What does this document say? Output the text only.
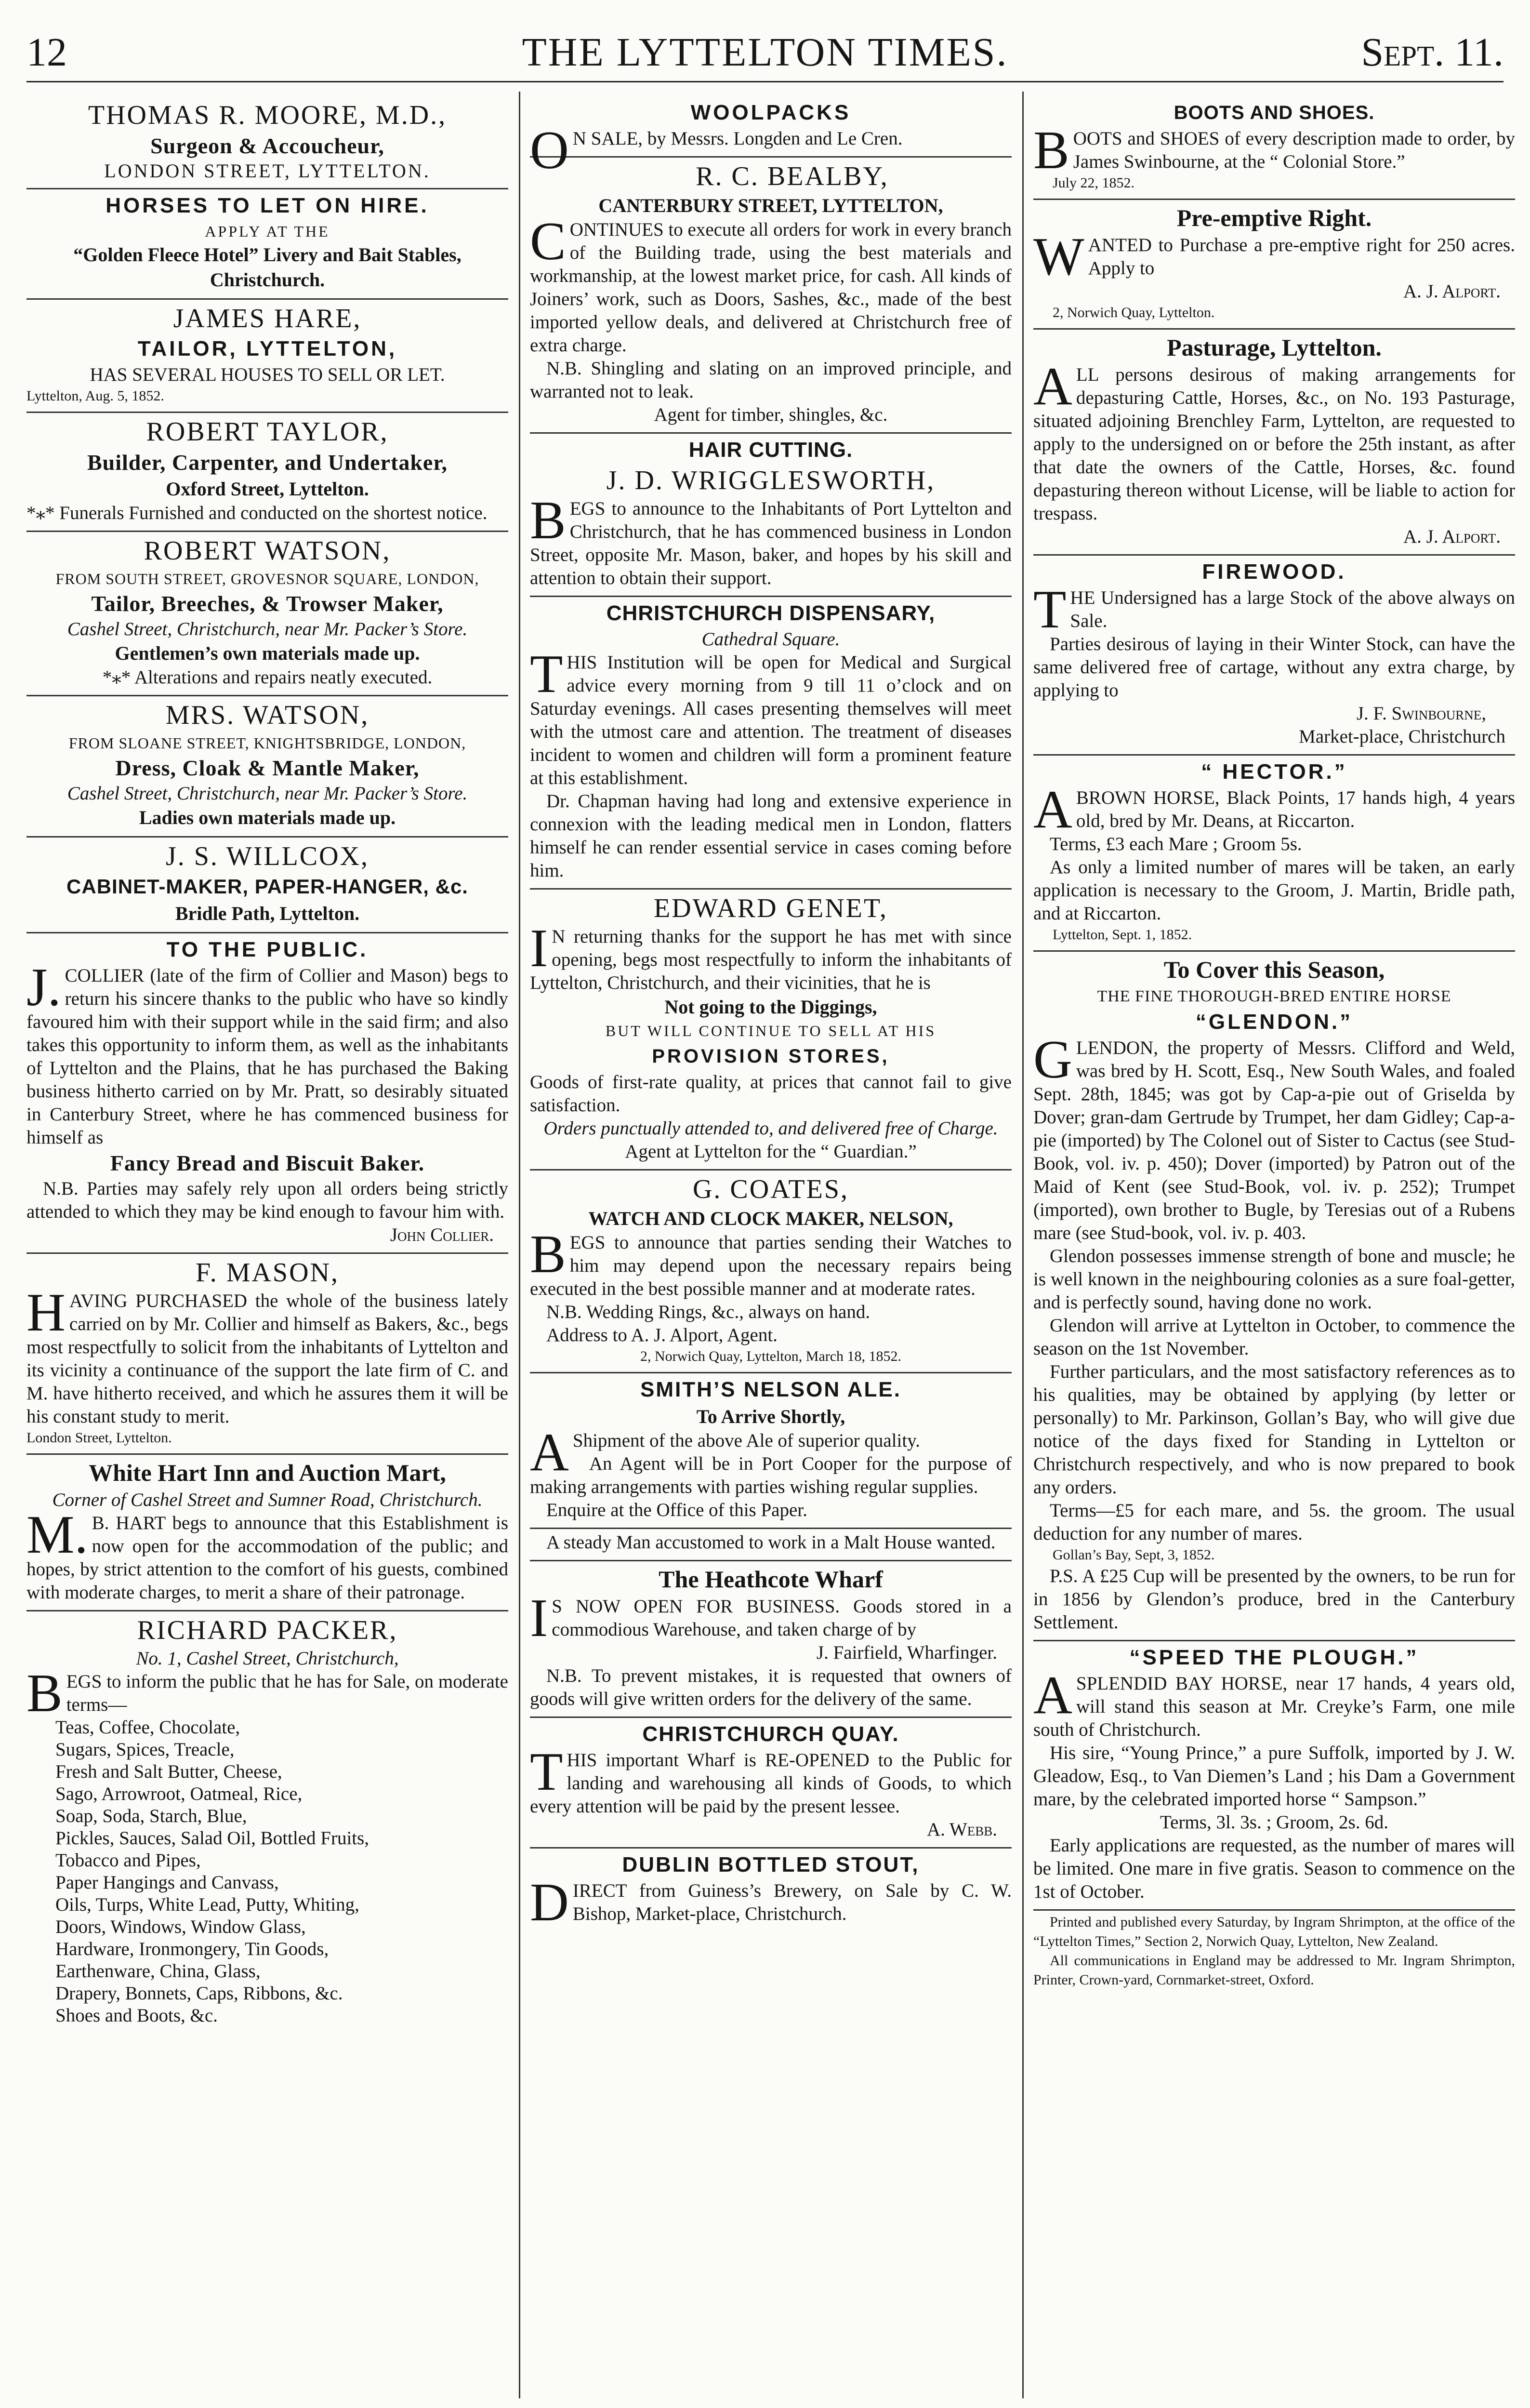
12	THE LYTTELTON TIMES.	Sept. 11.
THOMAS R. MOORE, M.D.,
Surgeon & Accoucheur,
LONDON STREET, LYTTELTON.
HORSES TO LET ON HIRE.
APPLY AT THE
“Golden Fleece Hotel” Livery and Bait Stables,
Christchurch.
JAMES HARE,
TAILOR, LYTTELTON,
HAS SEVERAL HOUSES TO SELL OR LET.
Lyttelton, Aug. 5, 1852.
ROBERT TAYLOR,
Builder, Carpenter, and Undertaker,
Oxford Street, Lyttelton.

*⁎* Funerals Furnished and conducted on the shortest notice.

ROBERT WATSON,
FROM SOUTH STREET, GROVESNOR SQUARE, LONDON,
Tailor, Breeches, & Trowser Maker,
Cashel Street, Christchurch, near Mr. Packer’s Store.
Gentlemen’s own materials made up.
*⁎* Alterations and repairs neatly executed.
MRS. WATSON,
FROM SLOANE STREET, KNIGHTSBRIDGE, LONDON,
Dress, Cloak & Mantle Maker,
Cashel Street, Christchurch, near Mr. Packer’s Store.
Ladies own materials made up.
J. S. WILLCOX,
CABINET-MAKER, PAPER-HANGER, &c.
Bridle Path, Lyttelton.
TO THE PUBLIC.

J.COLLIER (late of the firm of Collier and Mason) begs to return his sincere thanks to the public who have so kindly favoured him with their support while in the said firm; and also takes this opportunity to inform them, as well as the inhabitants of Lyttelton and the Plains, that he has purchased the Baking business hitherto carried on by Mr. Pratt, so desirably situated in Canterbury Street, where he has commenced business for himself as

Fancy Bread and Biscuit Baker.

N.B. Parties may safely rely upon all orders being strictly attended to which they may be kind enough to favour him with.

John Collier.
F. MASON,

HAVING PURCHASED the whole of the business lately carried on by Mr. Collier and himself as Bakers, &c., begs most respectfully to solicit from the inhabitants of Lyttelton and its vicinity a continuance of the support the late firm of C. and M. have hitherto received, and which he assures them it will be his constant study to merit.

London Street, Lyttelton.
White Hart Inn and Auction Mart,
Corner of Cashel Street and Sumner Road, Christchurch.

M.B. HART begs to announce that this Establishment is now open for the accommodation of the public; and hopes, by strict attention to the comfort of his guests, combined with moderate charges, to merit a share of their patronage.

RICHARD PACKER,
No. 1, Cashel Street, Christchurch,

BEGS to inform the public that he has for Sale, on moderate terms—

Teas, Coffee, Chocolate,
Sugars, Spices, Treacle,
Fresh and Salt Butter, Cheese,
Sago, Arrowroot, Oatmeal, Rice,
Soap, Soda, Starch, Blue,
Pickles, Sauces, Salad Oil, Bottled Fruits,
Tobacco and Pipes,
Paper Hangings and Canvass,
Oils, Turps, White Lead, Putty, Whiting,
Doors, Windows, Window Glass,
Hardware, Ironmongery, Tin Goods,
Earthenware, China, Glass,
Drapery, Bonnets, Caps, Ribbons, &c.
Shoes and Boots, &c.
WOOLPACKS

ON SALE, by Messrs. Longden and Le Cren.

R. C. BEALBY,
CANTERBURY STREET, LYTTELTON,

CONTINUES to execute all orders for work in every branch of the Building trade, using the best materials and workmanship, at the lowest market price, for cash. All kinds of Joiners’ work, such as Doors, Sashes, &c., made of the best imported yellow deals, and delivered at Christchurch free of extra charge.

N.B. Shingling and slating on an improved principle, and warranted not to leak.

Agent for timber, shingles, &c.
HAIR CUTTING.
J. D. WRIGGLESWORTH,

BEGS to announce to the Inhabitants of Port Lyttelton and Christchurch, that he has commenced business in London Street, opposite Mr. Mason, baker, and hopes by his skill and attention to obtain their support.

CHRISTCHURCH DISPENSARY,
Cathedral Square.

THIS Institution will be open for Medical and Surgical advice every morning from 9 till 11 o’clock and on Saturday evenings. All cases presenting themselves will meet with the utmost care and attention. The treatment of diseases incident to women and children will form a prominent feature at this establishment.

Dr. Chapman having had long and extensive experience in connexion with the leading medical men in London, flatters himself he can render essential service in cases coming before him.

EDWARD GENET,

IN returning thanks for the support he has met with since opening, begs most respectfully to inform the inhabitants of Lyttelton, Christchurch, and their vicinities, that he is

Not going to the Diggings,
BUT WILL CONTINUE TO SELL AT HIS
PROVISION STORES,

Goods of first-rate quality, at prices that cannot fail to give satisfaction.

Orders punctually attended to, and delivered free of Charge.
Agent at Lyttelton for the “ Guardian.”
G. COATES,
WATCH AND CLOCK MAKER, NELSON,

BEGS to announce that parties sending their Watches to him may depend upon the necessary repairs being executed in the best possible manner and at moderate rates.

N.B. Wedding Rings, &c., always on hand.

Address to A. J. Alport, Agent.

2, Norwich Quay, Lyttelton, March 18, 1852.
SMITH’S NELSON ALE.
To Arrive Shortly,

AShipment of the above Ale of superior quality.

An Agent will be in Port Cooper for the purpose of making arrangements with parties wishing regular supplies.

Enquire at the Office of this Paper.

A steady Man accustomed to work in a Malt House wanted.

The Heathcote Wharf

IS NOW OPEN FOR BUSINESS. Goods stored in a commodious Warehouse, and taken charge of by

J. Fairfield, Wharfinger.

N.B. To prevent mistakes, it is requested that owners of goods will give written orders for the delivery of the same.

CHRISTCHURCH QUAY.

THIS important Wharf is RE-OPENED to the Public for landing and warehousing all kinds of Goods, to which every attention will be paid by the present lessee.

A. Webb.
DUBLIN BOTTLED STOUT,

DIRECT from Guiness’s Brewery, on Sale by C. W. Bishop, Market-place, Christchurch.

BOOTS AND SHOES.

BOOTS and SHOES of every description made to order, by James Swinbourne, at the “ Colonial Store.”

July 22, 1852.
Pre-emptive Right.

WANTED to Purchase a pre-emptive right for 250 acres. Apply to

A. J. Alport.
2, Norwich Quay, Lyttelton.
Pasturage, Lyttelton.

ALL persons desirous of making arrangements for depasturing Cattle, Horses, &c., on No. 193 Pasturage, situated adjoining Brenchley Farm, Lyttelton, are requested to apply to the undersigned on or before the 25th instant, as after that date the owners of the Cattle, Horses, &c. found depasturing thereon without License, will be liable to action for trespass.

A. J. Alport.
FIREWOOD.

THE Undersigned has a large Stock of the above always on Sale.

Parties desirous of laying in their Winter Stock, can have the same delivered free of cartage, without any extra charge, by applying to

J. F. Swinbourne,
Market-place, Christchurch
“ HECTOR.”

ABROWN HORSE, Black Points, 17 hands high, 4 years old, bred by Mr. Deans, at Riccarton.

Terms, £3 each Mare ; Groom 5s.

As only a limited number of mares will be taken, an early application is necessary to the Groom, J. Martin, Bridle path, and at Riccarton.

Lyttelton, Sept. 1, 1852.
To Cover this Season,
THE FINE THOROUGH-BRED ENTIRE HORSE
“GLENDON.”

GLENDON, the property of Messrs. Clifford and Weld, was bred by H. Scott, Esq., New South Wales, and foaled Sept. 28th, 1845; was got by Cap-a-pie out of Griselda by Dover; gran-dam Gertrude by Trumpet, her dam Gidley; Cap-a-pie (imported) by The Colonel out of Sister to Cactus (see Stud-Book, vol. iv. p. 450); Dover (imported) by Patron out of the Maid of Kent (see Stud-Book, vol. iv. p. 252); Trumpet (imported), own brother to Bugle, by Teresias out of a Rubens mare (see Stud-book, vol. iv. p. 403.

Glendon possesses immense strength of bone and muscle; he is well known in the neighbouring colonies as a sure foal-getter, and is perfectly sound, having done no work.

Glendon will arrive at Lyttelton in October, to commence the season on the 1st November.

Further particulars, and the most satisfactory references as to his qualities, may be obtained by applying (by letter or personally) to Mr. Parkinson, Gollan’s Bay, who will give due notice of the days fixed for Standing in Lyttelton or Christchurch respectively, and who is now prepared to book any orders.

Terms—£5 for each mare, and 5s. the groom. The usual deduction for any number of mares.

Gollan’s Bay, Sept, 3, 1852.

P.S. A £25 Cup will be presented by the owners, to be run for in 1856 by Glendon’s produce, bred in the Canterbury Settlement.

“SPEED THE PLOUGH.”

ASPLENDID BAY HORSE, near 17 hands, 4 years old, will stand this season at Mr. Creyke’s Farm, one mile south of Christchurch.

His sire, “Young Prince,” a pure Suffolk, imported by J. W. Gleadow, Esq., to Van Diemen’s Land ; his Dam a Government mare, by the celebrated imported horse “ Sampson.”

Terms, 3l. 3s. ; Groom, 2s. 6d.

Early applications are requested, as the number of mares will be limited. One mare in five gratis. Season to commence on the 1st of October.

Printed and published every Saturday, by Ingram Shrimpton, at the office of the “Lyttelton Times,” Section 2, Norwich Quay, Lyttelton, New Zealand.

All communications in England may be addressed to Mr. Ingram Shrimpton, Printer, Crown-yard, Cornmarket-street, Oxford.
